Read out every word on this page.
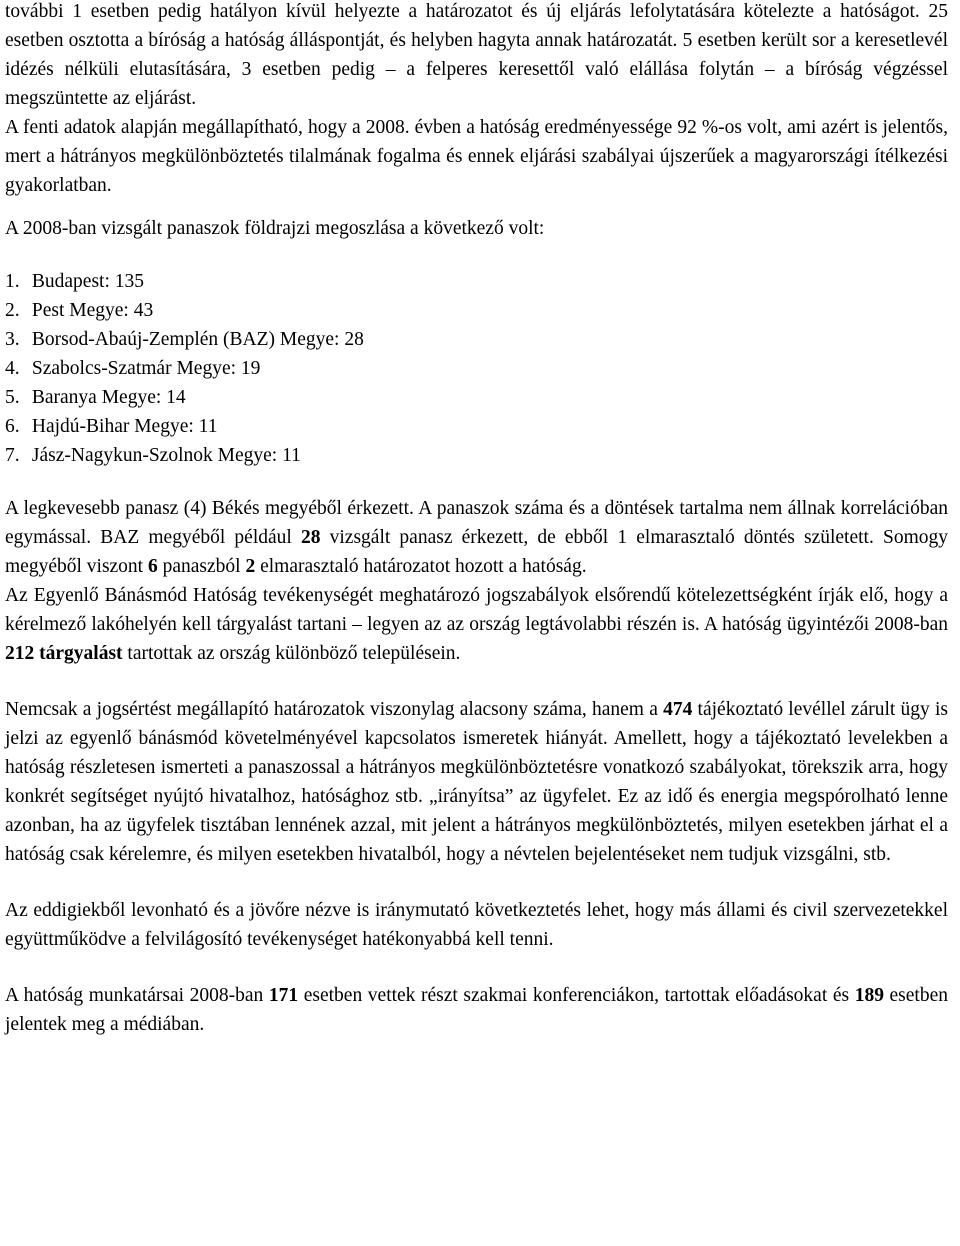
további 1 esetben pedig hatályon kívül helyezte a határozatot és új eljárás lefolytatására kötelezte a hatóságot. 25 esetben osztotta a bíróság a hatóság álláspontját, és helyben hagyta annak határozatát. 5 esetben került sor a keresetlevél idézés nélküli elutasítására, 3 esetben pedig – a felperes keresettől való elállása folytán – a bíróság végzéssel megszüntette az eljárást.

A fenti adatok alapján megállapítható, hogy a 2008. évben a hatóság eredményessége 92 %-os volt, ami azért is jelentős, mert a hátrányos megkülönböztetés tilalmának fogalma és ennek eljárási szabályai újszerűek a magyarországi ítélkezési gyakorlatban.

A 2008-ban vizsgált panaszok földrajzi megoszlása a következő volt:

1. Budapest: 135
2. Pest Megye: 43
3. Borsod-Abaúj-Zemplén (BAZ) Megye: 28
4. Szabolcs-Szatmár Megye: 19
5. Baranya Megye: 14
6. Hajdú-Bihar Megye: 11
7. Jász-Nagykun-Szolnok Megye: 11

A legkevesebb panasz (4) Békés megyéből érkezett. A panaszok száma és a döntések tartalma nem állnak korrelációban egymással. BAZ megyéből például 28 vizsgált panasz érkezett, de ebből 1 elmarasztaló döntés született. Somogy megyéből viszont 6 panaszból 2 elmarasztaló határozatot hozott a hatóság.

Az Egyenlő Bánásmód Hatóság tevékenységét meghatározó jogszabályok elsőrendű kötelezettségként írják elő, hogy a kérelmező lakóhelyén kell tárgyalást tartani – legyen az az ország legtávolabbi részén is. A hatóság ügyintézői 2008-ban 212 tárgyalást tartottak az ország különböző településein.

Nemcsak a jogsértést megállapító határozatok viszonylag alacsony száma, hanem a 474 tájékoztató levéllel zárult ügy is jelzi az egyenlő bánásmód követelményével kapcsolatos ismeretek hiányát. Amellett, hogy a tájékoztató levelekben a hatóság részletesen ismerteti a panaszossal a hátrányos megkülönböztetésre vonatkozó szabályokat, törekszik arra, hogy konkrét segítséget nyújtó hivatalhoz, hatósághoz stb. „irányítsa” az ügyfelet. Ez az idő és energia megspórolható lenne azonban, ha az ügyfelek tisztában lennének azzal, mit jelent a hátrányos megkülönböztetés, milyen esetekben járhat el a hatóság csak kérelemre, és milyen esetekben hivatalból, hogy a névtelen bejelentéseket nem tudjuk vizsgálni, stb.

Az eddigiekből levonható és a jövőre nézve is iránymutató következtetés lehet, hogy más állami és civil szervezetekkel együttműködve a felvilágosító tevékenységet hatékonyabbá kell tenni.

A hatóság munkatársai 2008-ban 171 esetben vettek részt szakmai konferenciákon, tartottak előadásokat és 189 esetben jelentek meg a médiában.
